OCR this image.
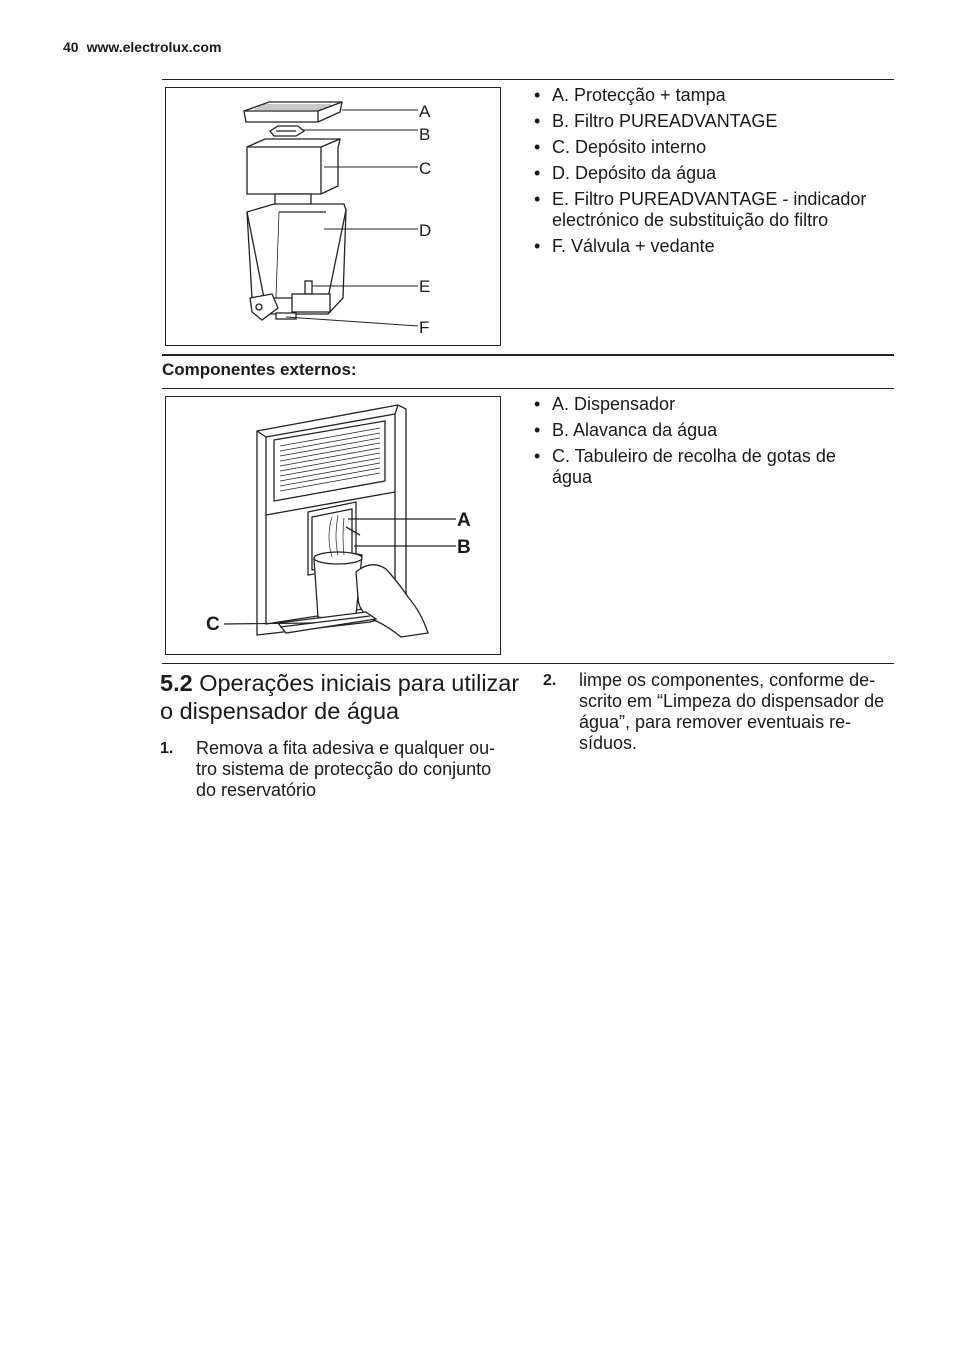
40 www.electrolux.com
A
B
C
D
E
F
• A. Protecção + tampa
• B. Filtro PUREADVANTAGE
• C. Depósito interno
• D. Depósito da água
• E. Filtro PUREADVANTAGE - indicador electrónico de substituição do filtro
• F. Válvula + vedante
Componentes externos:
A
B
C
• A. Dispensador
• B. Alavanca da água
• C. Tabuleiro de recolha de gotas de água
5.2 Operações iniciais para utilizar o dispensador de água
1. Remova a fita adesiva e qualquer ou-tro sistema de protecção do conjunto do reservatório
2. limpe os componentes, conforme de-scrito em “Limpeza do dispensador de água”, para remover eventuais re-síduos.
